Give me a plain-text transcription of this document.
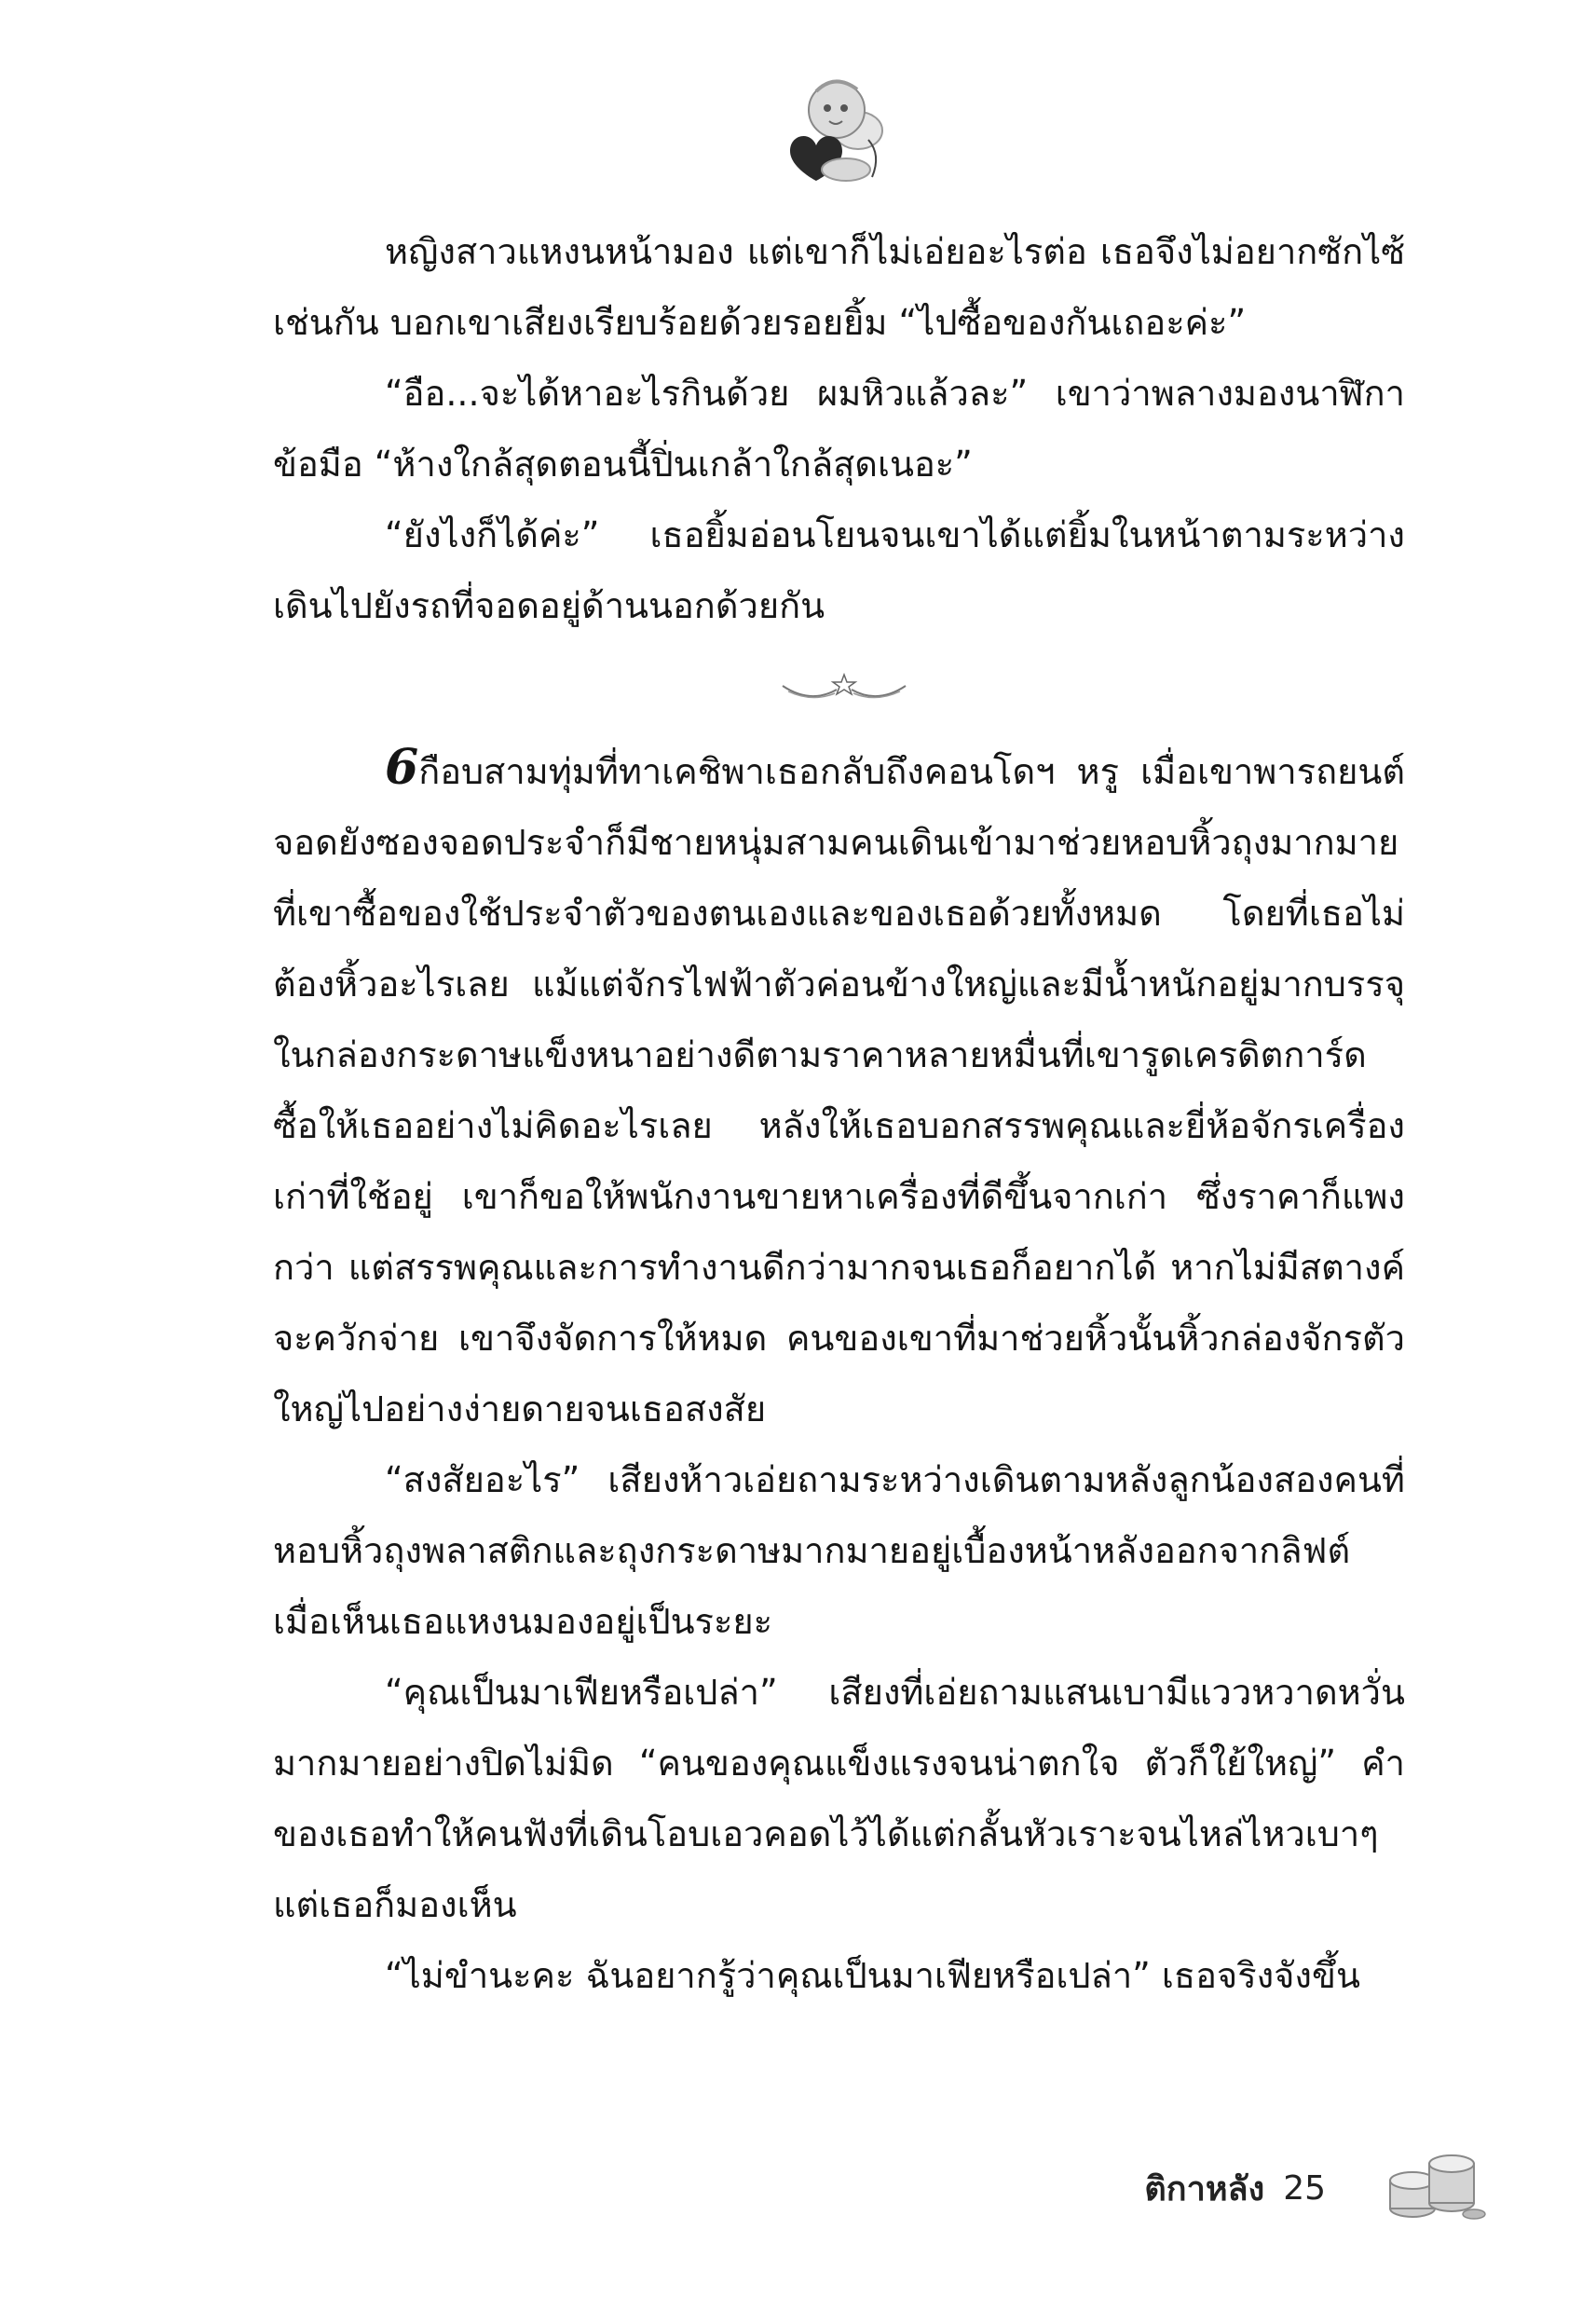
หญิงสาวแหงนหน้ามอง แต่เขาก็ไม่เอ่ยอะไรต่อ เธอจึงไม่อยากซักไซ้เช่นกัน บอกเขาเสียงเรียบร้อยด้วยรอยยิ้ม “ไปซื้อของกันเถอะค่ะ”

“อือ...จะได้หาอะไรกินด้วย ผมหิวแล้วละ” เขาว่าพลางมองนาฬิกาข้อมือ “ห้างใกล้สุดตอนนี้ปิ่นเกล้าใกล้สุดเนอะ”

“ยังไงก็ได้ค่ะ” เธอยิ้มอ่อนโยนจนเขาได้แต่ยิ้มในหน้าตามระหว่างเดินไปยังรถที่จอดอยู่ด้านนอกด้วยกัน

6กือบสามทุ่มที่ทาเคชิพาเธอกลับถึงคอนโดฯ หรู เมื่อเขาพารถยนต์จอดยังซองจอดประจำก็มีชายหนุ่มสามคนเดินเข้ามาช่วยหอบหิ้วถุงมากมายที่เขาซื้อของใช้ประจำตัวของตนเองและของเธอด้วยทั้งหมด โดยที่เธอไม่ต้องหิ้วอะไรเลย แม้แต่จักรไฟฟ้าตัวค่อนข้างใหญ่และมีน้ำหนักอยู่มากบรรจุในกล่องกระดาษแข็งหนาอย่างดีตามราคาหลายหมื่นที่เขารูดเครดิตการ์ดซื้อให้เธออย่างไม่คิดอะไรเลย หลังให้เธอบอกสรรพคุณและยี่ห้อจักรเครื่องเก่าที่ใช้อยู่ เขาก็ขอให้พนักงานขายหาเครื่องที่ดีขึ้นจากเก่า ซึ่งราคาก็แพงกว่า แต่สรรพคุณและการทำงานดีกว่ามากจนเธอก็อยากได้ หากไม่มีสตางค์จะควักจ่าย เขาจึงจัดการให้หมด คนของเขาที่มาช่วยหิ้วนั้นหิ้วกล่องจักรตัวใหญ่ไปอย่างง่ายดายจนเธอสงสัย

“สงสัยอะไร” เสียงห้าวเอ่ยถามระหว่างเดินตามหลังลูกน้องสองคนที่หอบหิ้วถุงพลาสติกและถุงกระดาษมากมายอยู่เบื้องหน้าหลังออกจากลิฟต์ เมื่อเห็นเธอแหงนมองอยู่เป็นระยะ

“คุณเป็นมาเฟียหรือเปล่า” เสียงที่เอ่ยถามแสนเบามีแววหวาดหวั่นมากมายอย่างปิดไม่มิด “คนของคุณแข็งแรงจนน่าตกใจ ตัวก็ใย้ใหญ่” คำของเธอทำให้คนฟังที่เดินโอบเอวคอดไว้ได้แต่กลั้นหัวเราะจนไหล่ไหวเบาๆ แต่เธอก็มองเห็น

“ไม่ขำนะคะ ฉันอยากรู้ว่าคุณเป็นมาเฟียหรือเปล่า” เธอจริงจังขึ้น

ติกาหลัง 25
